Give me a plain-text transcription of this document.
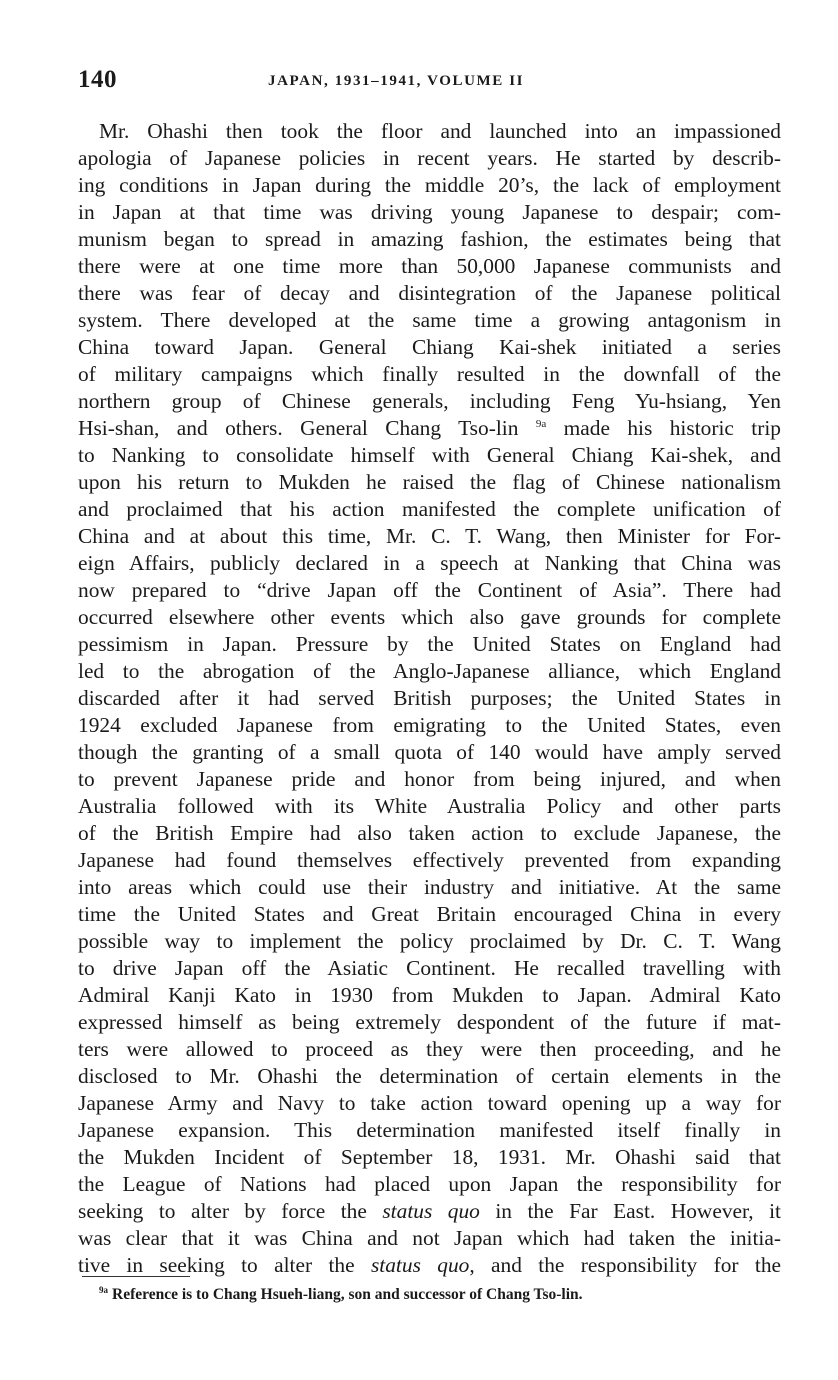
140	JAPAN, 1931–1941, VOLUME II
Mr. Ohashi then took the floor and launched into an impassioned
apologia of Japanese policies in recent years. He started by describ-
ing conditions in Japan during the middle 20’s, the lack of employment
in Japan at that time was driving young Japanese to despair; com-
munism began to spread in amazing fashion, the estimates being that
there were at one time more than 50,000 Japanese communists and
there was fear of decay and disintegration of the Japanese political
system. There developed at the same time a growing antagonism in
China toward Japan. General Chiang Kai-shek initiated a series
of military campaigns which finally resulted in the downfall of the
northern group of Chinese generals, including Feng Yu-hsiang, Yen
Hsi-shan, and others. General Chang Tso-lin $^{9a}$ made his historic trip
to Nanking to consolidate himself with General Chiang Kai-shek, and
upon his return to Mukden he raised the flag of Chinese nationalism
and proclaimed that his action manifested the complete unification of
China and at about this time, Mr. C. T. Wang, then Minister for For-
eign Affairs, publicly declared in a speech at Nanking that China was
now prepared to “drive Japan off the Continent of Asia”. There had
occurred elsewhere other events which also gave grounds for complete
pessimism in Japan. Pressure by the United States on England had
led to the abrogation of the Anglo-Japanese alliance, which England
discarded after it had served British purposes; the United States in
1924 excluded Japanese from emigrating to the United States, even
though the granting of a small quota of 140 would have amply served
to prevent Japanese pride and honor from being injured, and when
Australia followed with its White Australia Policy and other parts
of the British Empire had also taken action to exclude Japanese, the
Japanese had found themselves effectively prevented from expanding
into areas which could use their industry and initiative. At the same
time the United States and Great Britain encouraged China in every
possible way to implement the policy proclaimed by Dr. C. T. Wang
to drive Japan off the Asiatic Continent. He recalled travelling with
Admiral Kanji Kato in 1930 from Mukden to Japan. Admiral Kato
expressed himself as being extremely despondent of the future if mat-
ters were allowed to proceed as they were then proceeding, and he
disclosed to Mr. Ohashi the determination of certain elements in the
Japanese Army and Navy to take action toward opening up a way for
Japanese expansion. This determination manifested itself finally in
the Mukden Incident of September 18, 1931. Mr. Ohashi said that
the League of Nations had placed upon Japan the responsibility for
seeking to alter by force the status quo in the Far East. However, it
was clear that it was China and not Japan which had taken the initia-
tive in seeking to alter the status quo, and the responsibility for the
$^{9a}$ Reference is to Chang Hsueh-liang, son and successor of Chang Tso-lin.
